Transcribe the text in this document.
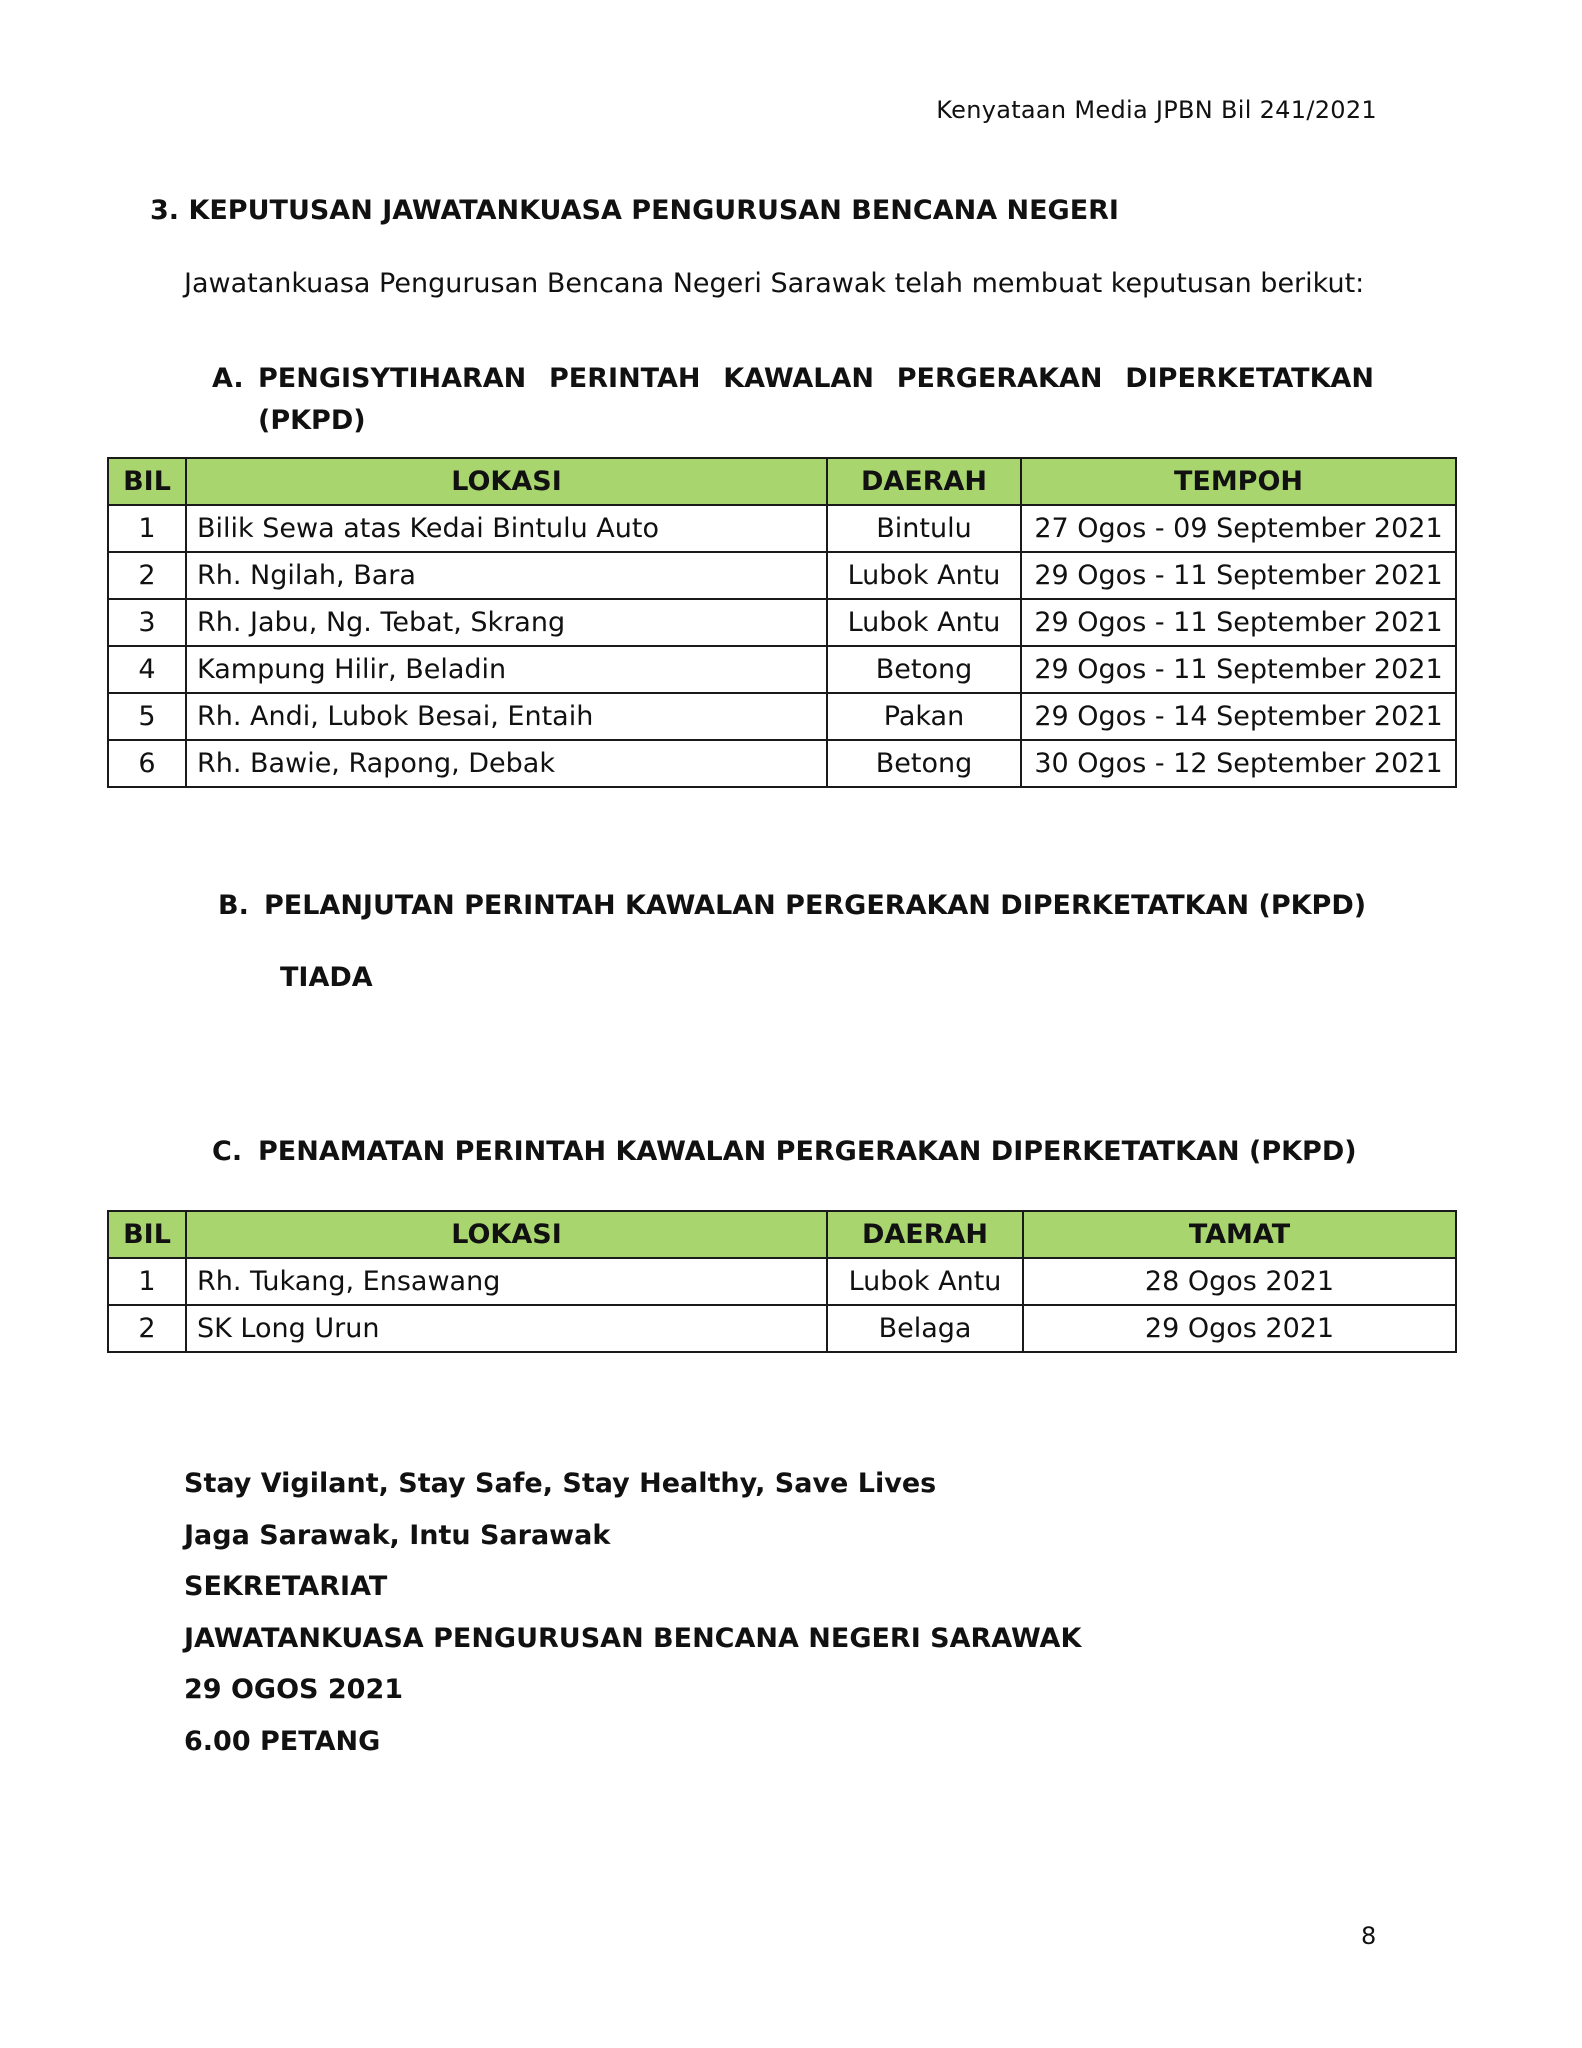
Kenyataan Media JPBN Bil 241/2021
3. KEPUTUSAN JAWATANKUASA PENGURUSAN BENCANA NEGERI
Jawatankuasa Pengurusan Bencana Negeri Sarawak telah membuat keputusan berikut:
A. PENGISYTIHARAN PERINTAH KAWALAN PERGERAKAN DIPERKETATKAN
(PKPD)
BIL	LOKASI	DAERAH	TEMPOH
1	Bilik Sewa atas Kedai Bintulu Auto	Bintulu	27 Ogos - 09 September 2021
2	Rh. Ngilah, Bara	Lubok Antu	29 Ogos - 11 September 2021
3	Rh. Jabu, Ng. Tebat, Skrang	Lubok Antu	29 Ogos - 11 September 2021
4	Kampung Hilir, Beladin	Betong	29 Ogos - 11 September 2021
5	Rh. Andi, Lubok Besai, Entaih	Pakan	29 Ogos - 14 September 2021
6	Rh. Bawie, Rapong, Debak	Betong	30 Ogos - 12 September 2021
B. PELANJUTAN PERINTAH KAWALAN PERGERAKAN DIPERKETATKAN (PKPD)
TIADA
C. PENAMATAN PERINTAH KAWALAN PERGERAKAN DIPERKETATKAN (PKPD)
BIL	LOKASI	DAERAH	TAMAT
1	Rh. Tukang, Ensawang	Lubok Antu	28 Ogos 2021
2	SK Long Urun	Belaga	29 Ogos 2021
Stay Vigilant, Stay Safe, Stay Healthy, Save Lives
Jaga Sarawak, Intu Sarawak
SEKRETARIAT
JAWATANKUASA PENGURUSAN BENCANA NEGERI SARAWAK
29 OGOS 2021
6.00 PETANG
8
